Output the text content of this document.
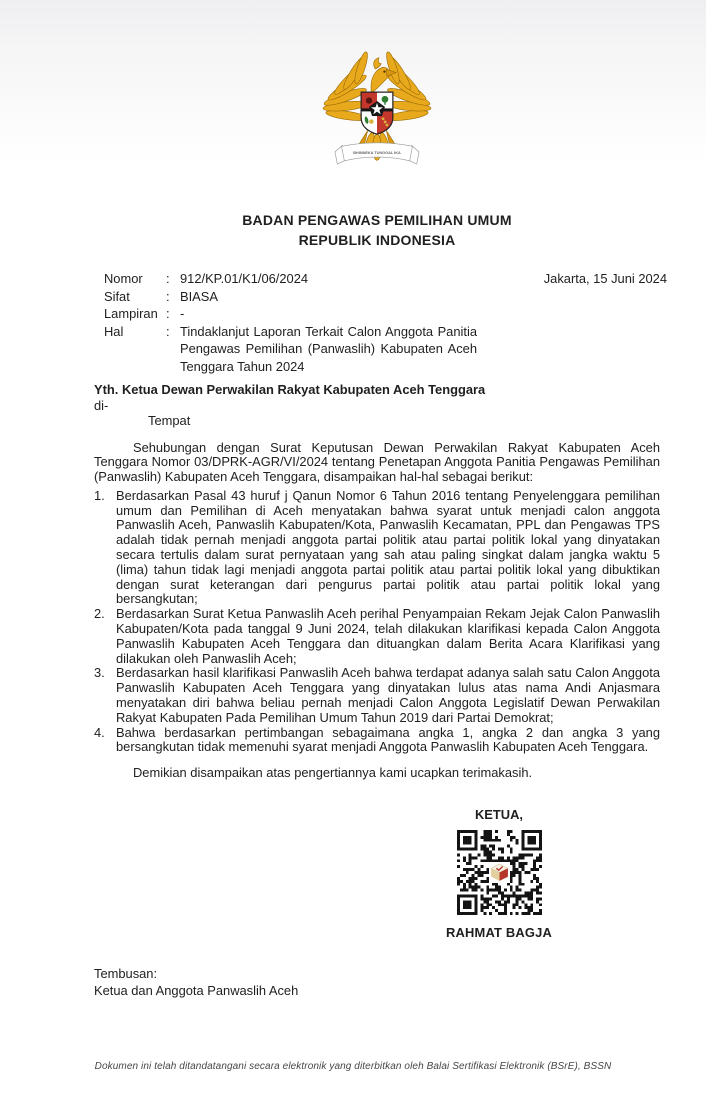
BHINNEKA TUNGGAL IKA
BADAN PENGAWAS PEMILIHAN UMUM
REPUBLIK INDONESIA
Nomor	: 912/KP.01/K1/06/2024	Jakarta, 15 Juni 2024
Sifat	: BIASA
Lampiran : -
Hal	: Tindaklanjut Laporan Terkait Calon Anggota Panitia Pengawas Pemilihan (Panwaslih) Kabupaten Aceh Tenggara Tahun 2024
Yth. Ketua Dewan Perwakilan Rakyat Kabupaten Aceh Tenggara
di-
Tempat
Sehubungan dengan Surat Keputusan Dewan Perwakilan Rakyat Kabupaten Aceh Tenggara Nomor 03/DPRK-AGR/VI/2024 tentang Penetapan Anggota Panitia Pengawas Pemilihan (Panwaslih) Kabupaten Aceh Tenggara, disampaikan hal-hal sebagai berikut:
1. Berdasarkan Pasal 43 huruf j Qanun Nomor 6 Tahun 2016 tentang Penyelenggara pemilihan umum dan Pemilihan di Aceh menyatakan bahwa syarat untuk menjadi calon anggota Panwaslih Aceh, Panwaslih Kabupaten/Kota, Panwaslih Kecamatan, PPL dan Pengawas TPS adalah tidak pernah menjadi anggota partai politik atau partai politik lokal yang dinyatakan secara tertulis dalam surat pernyataan yang sah atau paling singkat dalam jangka waktu 5 (lima) tahun tidak lagi menjadi anggota partai politik atau partai politik lokal yang dibuktikan dengan surat keterangan dari pengurus partai politik atau partai politik lokal yang bersangkutan;
2. Berdasarkan Surat Ketua Panwaslih Aceh perihal Penyampaian Rekam Jejak Calon Panwaslih Kabupaten/Kota pada tanggal 9 Juni 2024, telah dilakukan klarifikasi kepada Calon Anggota Panwaslih Kabupaten Aceh Tenggara dan dituangkan dalam Berita Acara Klarifikasi yang dilakukan oleh Panwaslih Aceh;
3. Berdasarkan hasil klarifikasi Panwaslih Aceh bahwa terdapat adanya salah satu Calon Anggota Panwaslih Kabupaten Aceh Tenggara yang dinyatakan lulus atas nama Andi Anjasmara menyatakan diri bahwa beliau pernah menjadi Calon Anggota Legislatif Dewan Perwakilan Rakyat Kabupaten Pada Pemilihan Umum Tahun 2019 dari Partai Demokrat;
4. Bahwa berdasarkan pertimbangan sebagaimana angka 1, angka 2 dan angka 3 yang bersangkutan tidak memenuhi syarat menjadi Anggota Panwaslih Kabupaten Aceh Tenggara.
Demikian disampaikan atas pengertiannya kami ucapkan terimakasih.
KETUA,
RAHMAT BAGJA
Tembusan:
Ketua dan Anggota Panwaslih Aceh
Dokumen ini telah ditandatangani secara elektronik yang diterbitkan oleh Balai Sertifikasi Elektronik (BSrE), BSSN
